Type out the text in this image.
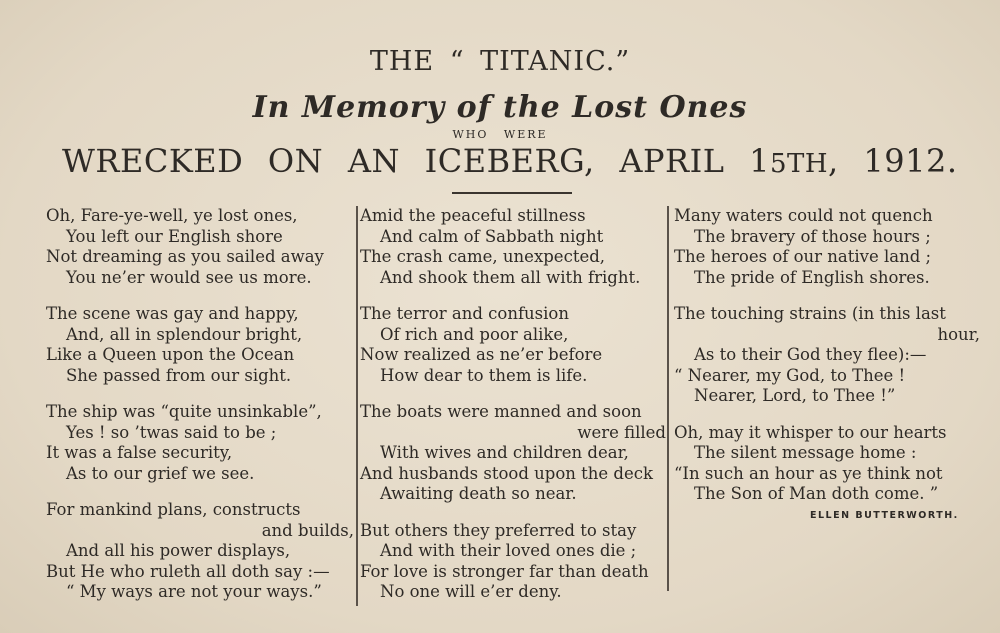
THE “ TITANIC.”
In Memory of the Lost Ones
WHO WERE
WRECKED ON AN ICEBERG, APRIL 15TH, 1912.
Oh, Fare-ye-well, ye lost ones,
You left our English shore
Not dreaming as you sailed away
You ne’er would see us more.
The scene was gay and happy,
And, all in splendour bright,
Like a Queen upon the Ocean
She passed from our sight.
The ship was “quite unsinkable”,
Yes ! so ’twas said to be ;
It was a false security,
As to our grief we see.
For mankind plans, constructs
and builds,
And all his power displays,
But He who ruleth all doth say :—
“ My ways are not your ways.”
Amid the peaceful stillness
And calm of Sabbath night
The crash came, unexpected,
And shook them all with fright.
The terror and confusion
Of rich and poor alike,
Now realized as ne’er before
How dear to them is life.
The boats were manned and soon
were filled
With wives and children dear,
And husbands stood upon the deck
Awaiting death so near.
But others they preferred to stay
And with their loved ones die ;
For love is stronger far than death
No one will e’er deny.
Many waters could not quench
The bravery of those hours ;
The heroes of our native land ;
The pride of English shores.
The touching strains (in this last
hour,
As to their God they flee):—
“ Nearer, my God, to Thee !
Nearer, Lord, to Thee !”
Oh, may it whisper to our hearts
The silent message home :
“In such an hour as ye think not
The Son of Man doth come. ”
ELLEN BUTTERWORTH.
